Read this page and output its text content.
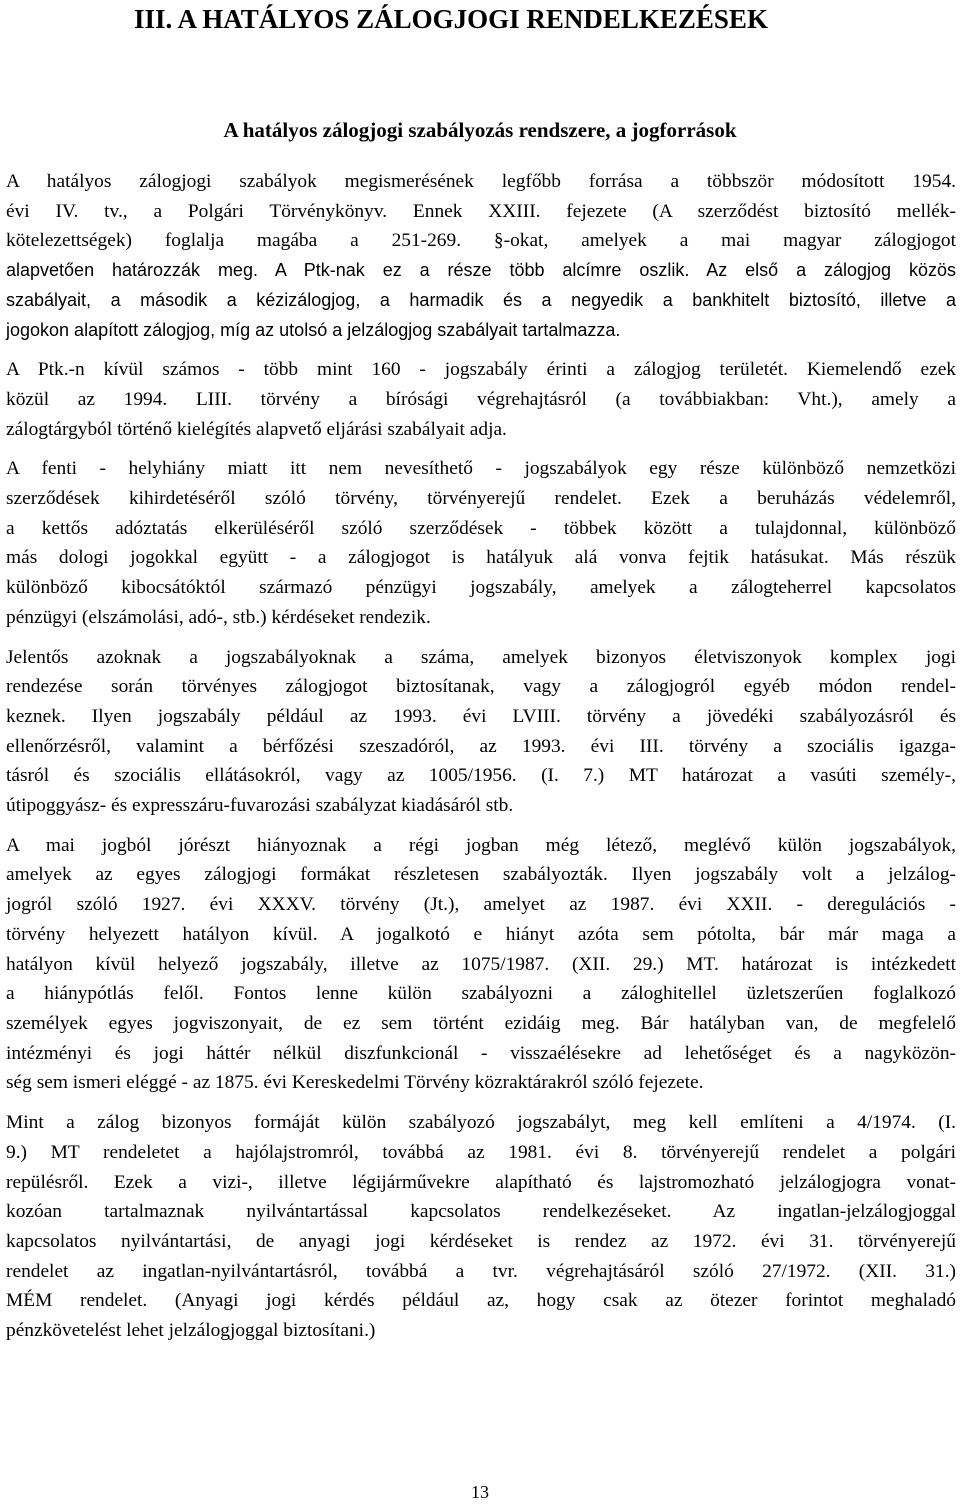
III. A HATÁLYOS ZÁLOGJOGI RENDELKEZÉSEK
A hatályos zálogjogi szabályozás rendszere, a jogforrások

A hatályos zálogjogi szabályok megismerésének legfőbb forrása a többször módosított 1954.
évi IV. tv., a Polgári Törvénykönyv. Ennek XXIII. fejezete (A szerződést biztosító mellék-
kötelezettségek) foglalja magába a 251-269. §-okat, amelyek a mai magyar zálogjogot
alapvetően határozzák meg. A Ptk-nak ez a része több alcímre oszlik. Az első a zálogjog közös
szabályait, a második a kézizálogjog, a harmadik és a negyedik a bankhitelt biztosító, illetve a
jogokon alapított zálogjog, míg az utolsó a jelzálogjog szabályait tartalmazza.

A Ptk.-n kívül számos - több mint 160 - jogszabály érinti a zálogjog területét. Kiemelendő ezek
közül az 1994. LIII. törvény a bírósági végrehajtásról (a továbbiakban: Vht.), amely a
zálogtárgyból történő kielégítés alapvető eljárási szabályait adja.

A fenti - helyhiány miatt itt nem nevesíthető - jogszabályok egy része különböző nemzetközi
szerződések kihirdetéséről szóló törvény, törvényerejű rendelet. Ezek a beruházás védelemről,
a kettős adóztatás elkerüléséről szóló szerződések - többek között a tulajdonnal, különböző
más dologi jogokkal együtt - a zálogjogot is hatályuk alá vonva fejtik hatásukat. Más részük
különböző kibocsátóktól származó pénzügyi jogszabály, amelyek a zálogteherrel kapcsolatos
pénzügyi (elszámolási, adó-, stb.) kérdéseket rendezik.

Jelentős azoknak a jogszabályoknak a száma, amelyek bizonyos életviszonyok komplex jogi
rendezése során törvényes zálogjogot biztosítanak, vagy a zálogjogról egyéb módon rendel-
keznek. Ilyen jogszabály például az 1993. évi LVIII. törvény a jövedéki szabályozásról és
ellenőrzésről, valamint a bérfőzési szeszadóról, az 1993. évi III. törvény a szociális igazga-
tásról és szociális ellátásokról, vagy az 1005/1956. (I. 7.) MT határozat a vasúti személy-,
útipoggyász- és expresszáru-fuvarozási szabályzat kiadásáról stb.

A mai jogból jórészt hiányoznak a régi jogban még létező, meglévő külön jogszabályok,
amelyek az egyes zálogjogi formákat részletesen szabályozták. Ilyen jogszabály volt a jelzálog-
jogról szóló 1927. évi XXXV. törvény (Jt.), amelyet az 1987. évi XXII. - deregulációs -
törvény helyezett hatályon kívül. A jogalkotó e hiányt azóta sem pótolta, bár már maga a
hatályon kívül helyező jogszabály, illetve az 1075/1987. (XII. 29.) MT. határozat is intézkedett
a hiánypótlás felől. Fontos lenne külön szabályozni a záloghitellel üzletszerűen foglalkozó
személyek egyes jogviszonyait, de ez sem történt ezidáig meg. Bár hatályban van, de megfelelő
intézményi és jogi háttér nélkül diszfunkcionál - visszaélésekre ad lehetőséget és a nagyközön-
ség sem ismeri eléggé - az 1875. évi Kereskedelmi Törvény közraktárakról szóló fejezete.

Mint a zálog bizonyos formáját külön szabályozó jogszabályt, meg kell említeni a 4/1974. (I.
9.) MT rendeletet a hajólajstromról, továbbá az 1981. évi 8. törvényerejű rendelet a polgári
repülésről. Ezek a vizi-, illetve légijárművekre alapítható és lajstromozható jelzálogjogra vonat-
kozóan tartalmaznak nyilvántartással kapcsolatos rendelkezéseket. Az ingatlan-jelzálogjoggal
kapcsolatos nyilvántartási, de anyagi jogi kérdéseket is rendez az 1972. évi 31. törvényerejű
rendelet az ingatlan-nyilvántartásról, továbbá a tvr. végrehajtásáról szóló 27/1972. (XII. 31.)
MÉM rendelet. (Anyagi jogi kérdés például az, hogy csak az ötezer forintot meghaladó
pénzkövetelést lehet jelzálogjoggal biztosítani.)

13
